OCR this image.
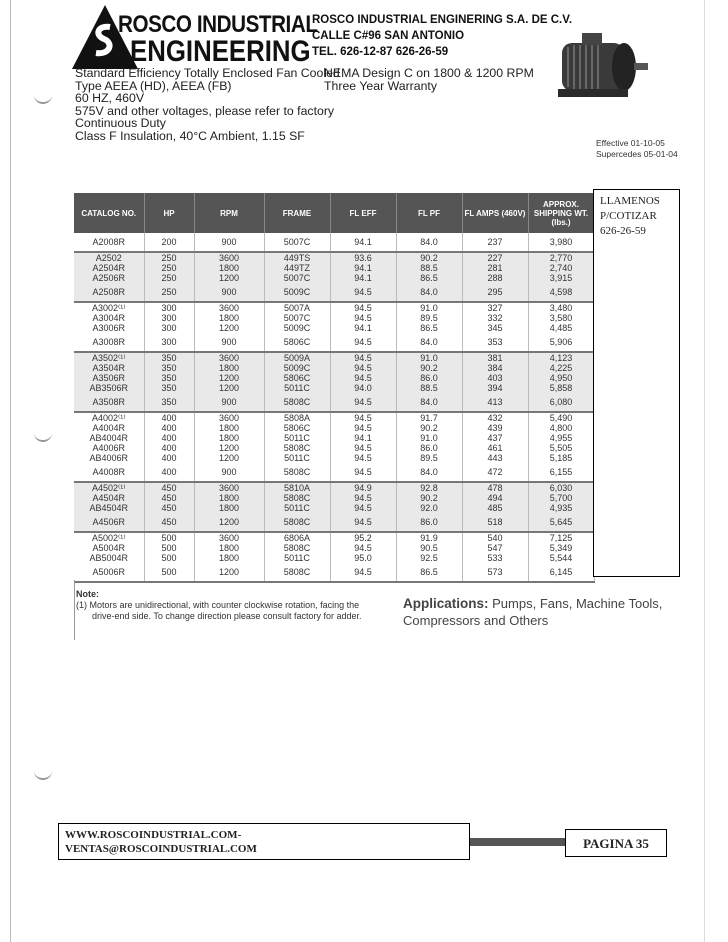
ROSCO INDUSTRIAL
ENGINEERING
ROSCO INDUSTRIAL ENGINERING S.A. DE C.V.
CALLE C#96 SAN ANTONIO
TEL. 626-12-87 626-26-59
Standard Efficiency Totally Enclosed Fan Cooled
Type AEEA (HD), AEEA (FB)
60 HZ, 460V
575V and other voltages, please refer to factory
Continuous Duty
Class F Insulation, 40°C Ambient, 1.15 SF
NEMA Design C on 1800 & 1200 RPM
Three Year Warranty
Effective 01-10-05
Supercedes 05-01-04
CATALOG NO.	HP	RPM	FRAME	FL EFF	FL PF	FL AMPS (460V)	APPROX. SHIPPING WT. (lbs.)
A2008R	200	900	5007C	94.1	84.0	237	3,980
A2502	250	3600	449TS	93.6	90.2	227	2,770
A2504R	250	1800	449TZ	94.1	88.5	281	2,740
A2506R	250	1200	5007C	94.1	86.5	288	3,915
A2508R	250	900	5009C	94.5	84.0	295	4,598
A3002⁽¹⁾	300	3600	5007A	94.5	91.0	327	3,480
A3004R	300	1800	5007C	94.5	89.5	332	3,580
A3006R	300	1200	5009C	94.1	86.5	345	4,485
A3008R	300	900	5806C	94.5	84.0	353	5,906
A3502⁽¹⁾	350	3600	5009A	94.5	91.0	381	4,123
A3504R	350	1800	5009C	94.5	90.2	384	4,225
A3506R	350	1200	5806C	94.5	86.0	403	4,950
AB3506R	350	1200	5011C	94.0	88.5	394	5,858
A3508R	350	900	5808C	94.5	84.0	413	6,080
A4002⁽¹⁾	400	3600	5808A	94.5	91.7	432	5,490
A4004R	400	1800	5806C	94.5	90.2	439	4,800
AB4004R	400	1800	5011C	94.1	91.0	437	4,955
A4006R	400	1200	5808C	94.5	86.0	461	5,505
AB4006R	400	1200	5011C	94.5	89.5	443	5,185
A4008R	400	900	5808C	94.5	84.0	472	6,155
A4502⁽¹⁾	450	3600	5810A	94.9	92.8	478	6,030
A4504R	450	1800	5808C	94.5	90.2	494	5,700
AB4504R	450	1800	5011C	94.5	92.0	485	4,935
A4506R	450	1200	5808C	94.5	86.0	518	5,645
A5002⁽¹⁾	500	3600	6806A	95.2	91.9	540	7,125
A5004R	500	1800	5808C	94.5	90.5	547	5,349
AB5004R	500	1800	5011C	95.0	92.5	533	5,544
A5006R	500	1200	5808C	94.5	86.5	573	6,145
Note:
(1) Motors are unidirectional, with counter clockwise rotation, facing the
drive-end side. To change direction please consult factory for adder.
Applications: Pumps, Fans, Machine Tools, Compressors and Others
LLAMENOS
P/COTIZAR
626-26-59
WWW.ROSCOINDUSTRIAL.COM-
VENTAS@ROSCOINDUSTRIAL.COM	PAGINA 35
